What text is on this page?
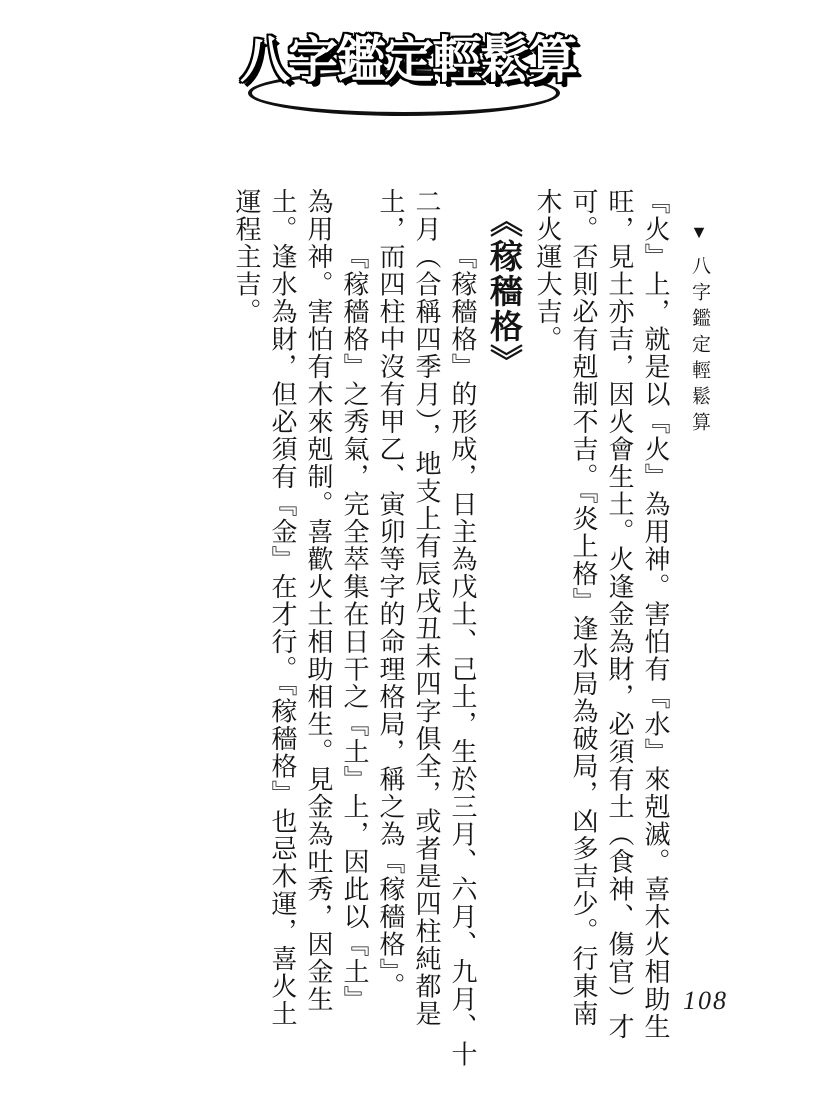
八字鑑定輕鬆算
▼八字鑑定輕鬆算
『火』上，就是以『火』為用神。害怕有『水』來剋滅。喜木火相助生
旺，見土亦吉，因火會生土。火逢金為財，必須有土（食神、傷官）才
可。否則必有剋制不吉。『炎上格』逢水局為破局，凶多吉少。行東南
木火運大吉。
《稼穡格》
『稼穡格』的形成，日主為戊土、己土，生於三月、六月、九月、十
二月（合稱四季月），地支上有辰戌丑未四字俱全，或者是四柱純都是
土，而四柱中沒有甲乙、寅卯等字的命理格局，稱之為『稼穡格』。
『稼穡格』之秀氣，完全萃集在日干之『土』上，因此以『土』
為用神。害怕有木來剋制。喜歡火土相助相生。見金為吐秀，因金生
土。逢水為財，但必須有『金』在才行。『稼穡格』也忌木運，喜火土
運程主吉。
108
